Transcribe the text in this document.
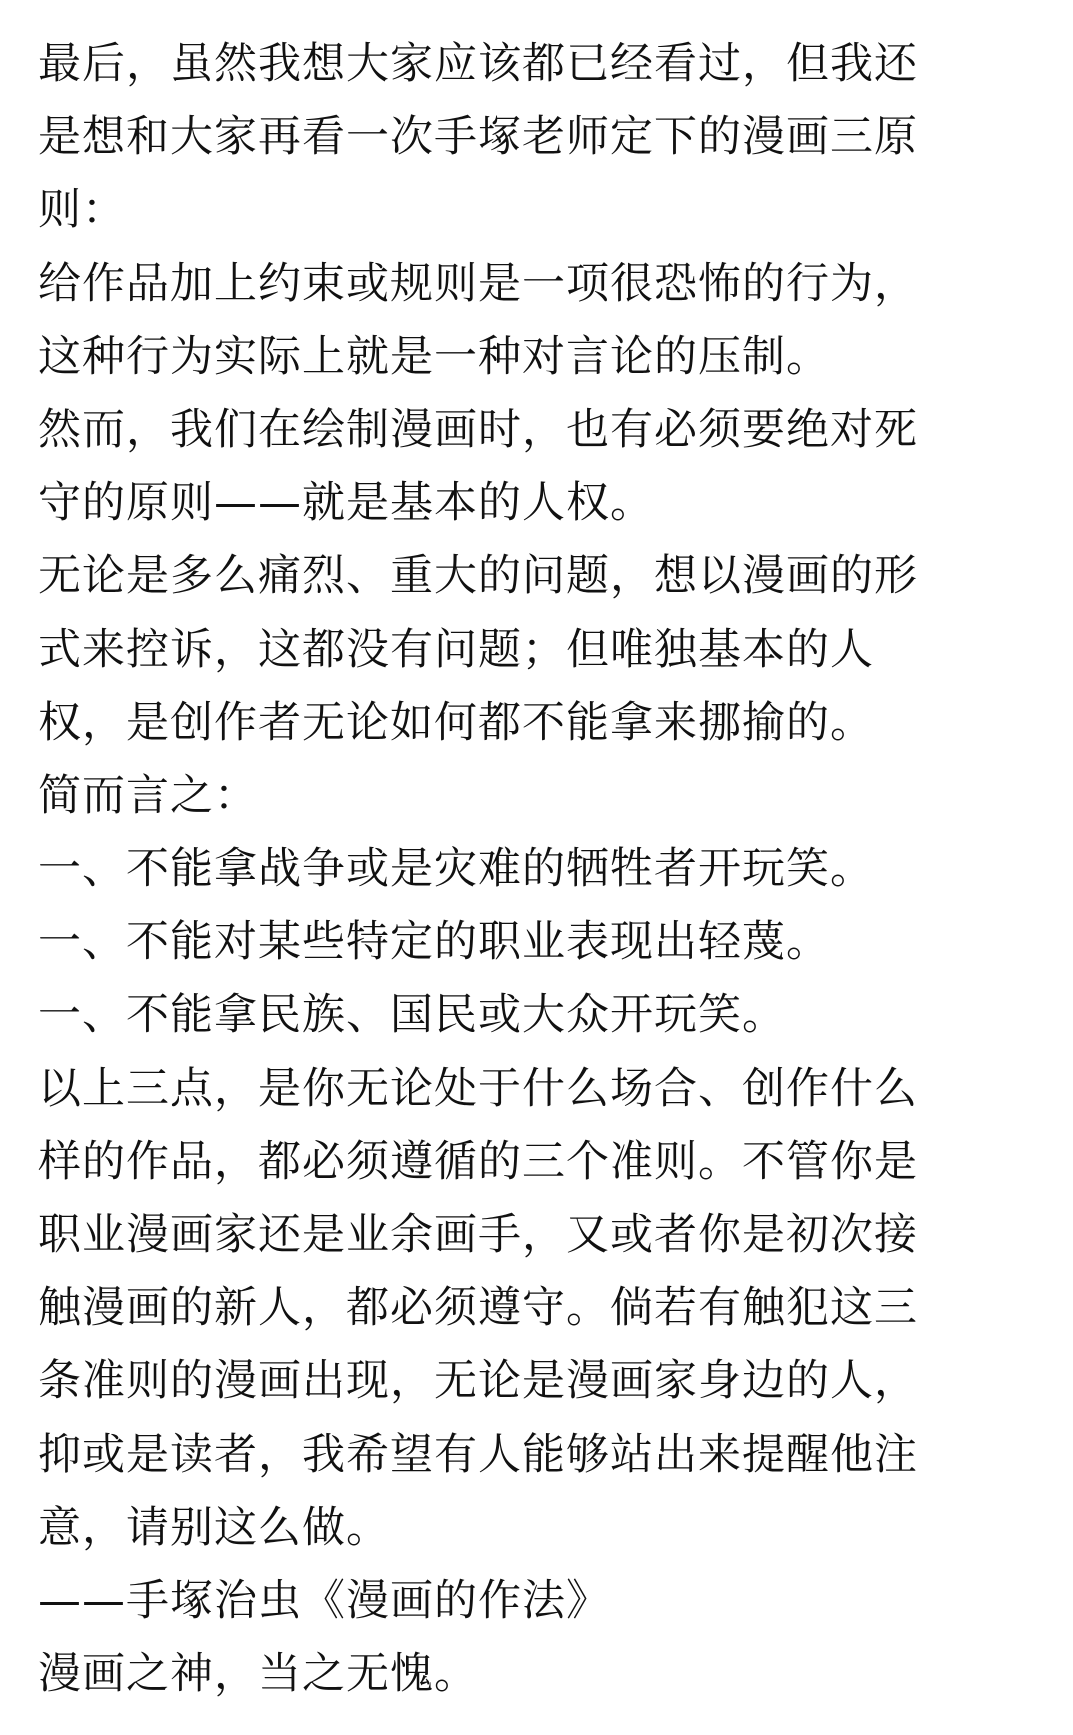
最后，虽然我想大家应该都已经看过，但我还
是想和大家再看一次手塚老师定下的漫画三原
则：
给作品加上约束或规则是一项很恐怖的行为，
这种行为实际上就是一种对言论的压制。
然而，我们在绘制漫画时，也有必须要绝对死
守的原则——就是基本的人权。
无论是多么痛烈、重大的问题，想以漫画的形
式来控诉，这都没有问题；但唯独基本的人
权，是创作者无论如何都不能拿来挪揄的。
简而言之：
一、不能拿战争或是灾难的牺牲者开玩笑。
一、不能对某些特定的职业表现出轻蔑。
一、不能拿民族、国民或大众开玩笑。
以上三点，是你无论处于什么场合、创作什么
样的作品，都必须遵循的三个准则。不管你是
职业漫画家还是业余画手，又或者你是初次接
触漫画的新人，都必须遵守。倘若有触犯这三
条准则的漫画出现，无论是漫画家身边的人，
抑或是读者，我希望有人能够站出来提醒他注
意，请别这么做。
——手塚治虫《漫画的作法》
漫画之神，当之无愧。
